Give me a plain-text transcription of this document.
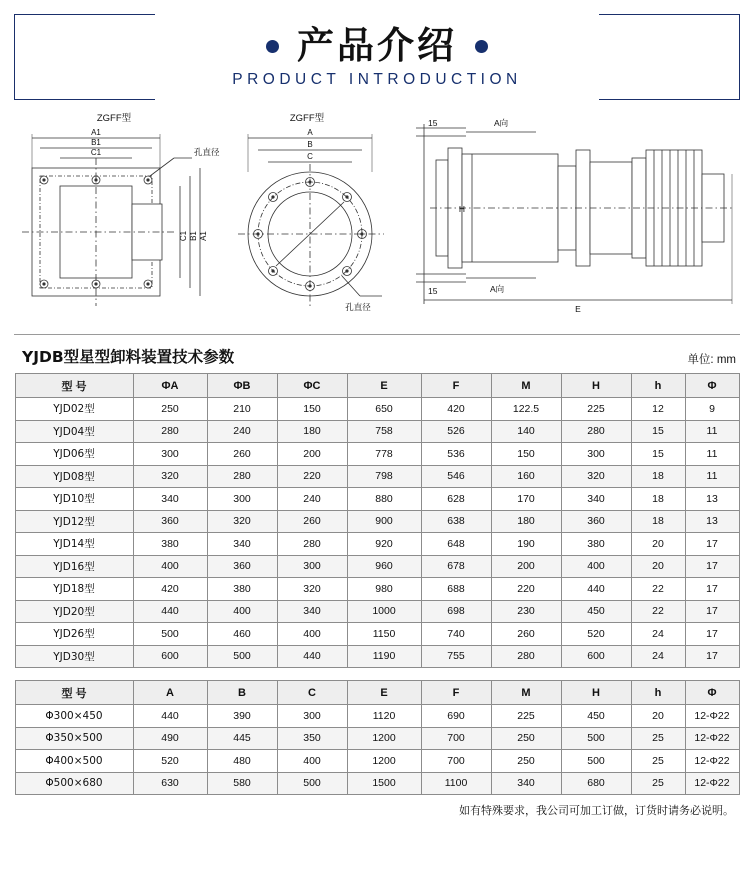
产品介绍
PRODUCT INTRODUCTION
ZGFF型
A1
B1
C1
A1
B1
C1
孔直径
ZGFF型
A
B
C
孔直径
15	A向
H
15	A向
E
YJDB型星型卸料装置技术参数	单位: mm
型 号	ΦA	ΦB	ΦC	E	F	M	H	h	Φ
YJD02型	250	210	150	650	420	122.5	225	12	9
YJD04型	280	240	180	758	526	140	280	15	11
YJD06型	300	260	200	778	536	150	300	15	11
YJD08型	320	280	220	798	546	160	320	18	11
YJD10型	340	300	240	880	628	170	340	18	13
YJD12型	360	320	260	900	638	180	360	18	13
YJD14型	380	340	280	920	648	190	380	20	17
YJD16型	400	360	300	960	678	200	400	20	17
YJD18型	420	380	320	980	688	220	440	22	17
YJD20型	440	400	340	1000	698	230	450	22	17
YJD26型	500	460	400	1150	740	260	520	24	17
YJD30型	600	500	440	1190	755	280	600	24	17
型 号	A	B	C	E	F	M	H	h	Φ
Φ300×450	440	390	300	1120	690	225	450	20	12-Φ22
Φ350×500	490	445	350	1200	700	250	500	25	12-Φ22
Φ400×500	520	480	400	1200	700	250	500	25	12-Φ22
Φ500×680	630	580	500	1500	1100	340	680	25	12-Φ22
如有特殊要求，我公司可加工订做，订货时请务必说明。
